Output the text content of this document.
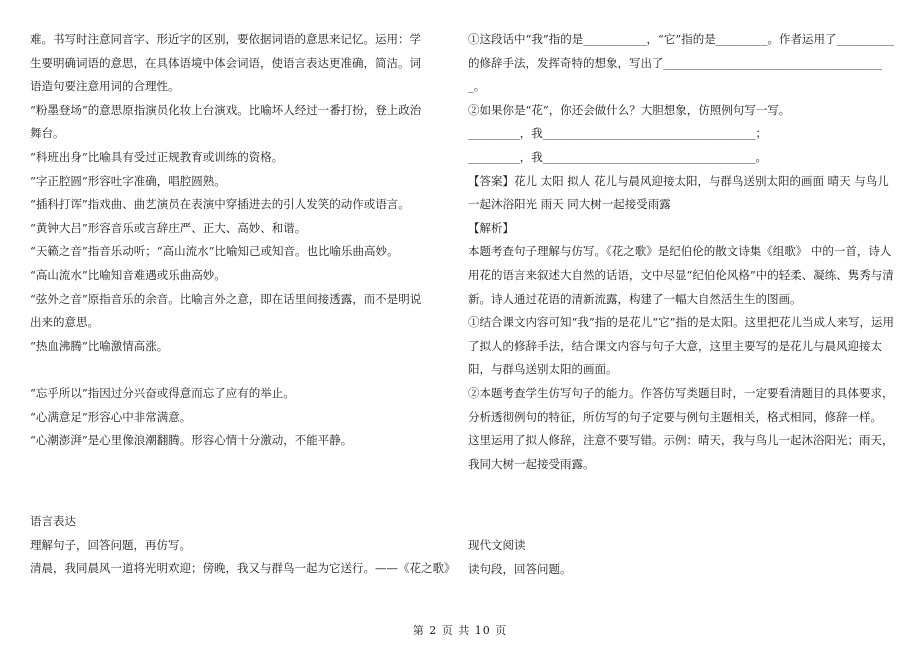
难。书写时注意同音字、形近字的区别，要依据词语的意思来记忆。运用：学生要明确词语的意思，在具体语境中体会词语，使语言表达更准确，简洁。词语造句要注意用词的合理性。

“粉墨登场”的意思原指演员化妆上台演戏。比喻坏人经过一番打扮，登上政治舞台。

“科班出身”比喻具有受过正规教育或训练的资格。

“字正腔圆”形容吐字准确，唱腔圆熟。

“插科打诨”指戏曲、曲艺演员在表演中穿插进去的引人发笑的动作或语言。

“黄钟大吕”形容音乐或言辞庄严、正大、高妙、和谐。

“天籁之音”指音乐动听；“高山流水”比喻知己或知音。也比喻乐曲高妙。

“高山流水”比喻知音难遇或乐曲高妙。

“弦外之音”原指音乐的余音。比喻言外之意，即在话里间接透露，而不是明说出来的意思。

“热血沸腾”比喻激情高涨。

“忘乎所以”指因过分兴奋或得意而忘了应有的举止。

“心满意足”形容心中非常满意。

“心潮澎湃”是心里像浪潮翻腾。形容心情十分激动，不能平静。

①这段话中“我”指的是___________，“它”指的是_________。作者运用了__________的修辞手法，发挥奇特的想象，写出了_______________________________________。

②如果你是“花”，你还会做什么？大胆想象，仿照例句写一写。

_________，我_____________________________________；

_________，我_____________________________________。

【答案】花儿 太阳 拟人 花儿与晨风迎接太阳，与群鸟送别太阳的画面 晴天 与鸟儿一起沐浴阳光 雨天 同大树一起接受雨露

【解析】

本题考查句子理解与仿写。《花之歌》是纪伯伦的散文诗集《组歌》 中的一首，诗人用花的语言来叙述大自然的话语，文中尽显“纪伯伦风格”中的轻柔、凝练、隽秀与清新。诗人通过花语的清新流露，构建了一幅大自然活生生的图画。

①结合课文内容可知“我”指的是花儿“它”指的是太阳。这里把花儿当成人来写，运用了拟人的修辞手法，结合课文内容与句子大意，这里主要写的是花儿与晨风迎接太阳，与群鸟送别太阳的画面。

②本题考查学生仿写句子的能力。作答仿写类题目时，一定要看清题目的具体要求，分析透彻例句的特征，所仿写的句子定要与例句主题相关，格式相同，修辞一样。

这里运用了拟人修辞，注意不要写错。示例：晴天，我与鸟儿一起沐浴阳光；雨天，我同大树一起接受雨露。

语言表达

理解句子，回答问题，再仿写。

清晨，我同晨风一道将光明欢迎；傍晚，我又与群鸟一起为它送行。——《花之歌》

现代文阅读

读句段，回答问题。

第 2 页 共 10 页
